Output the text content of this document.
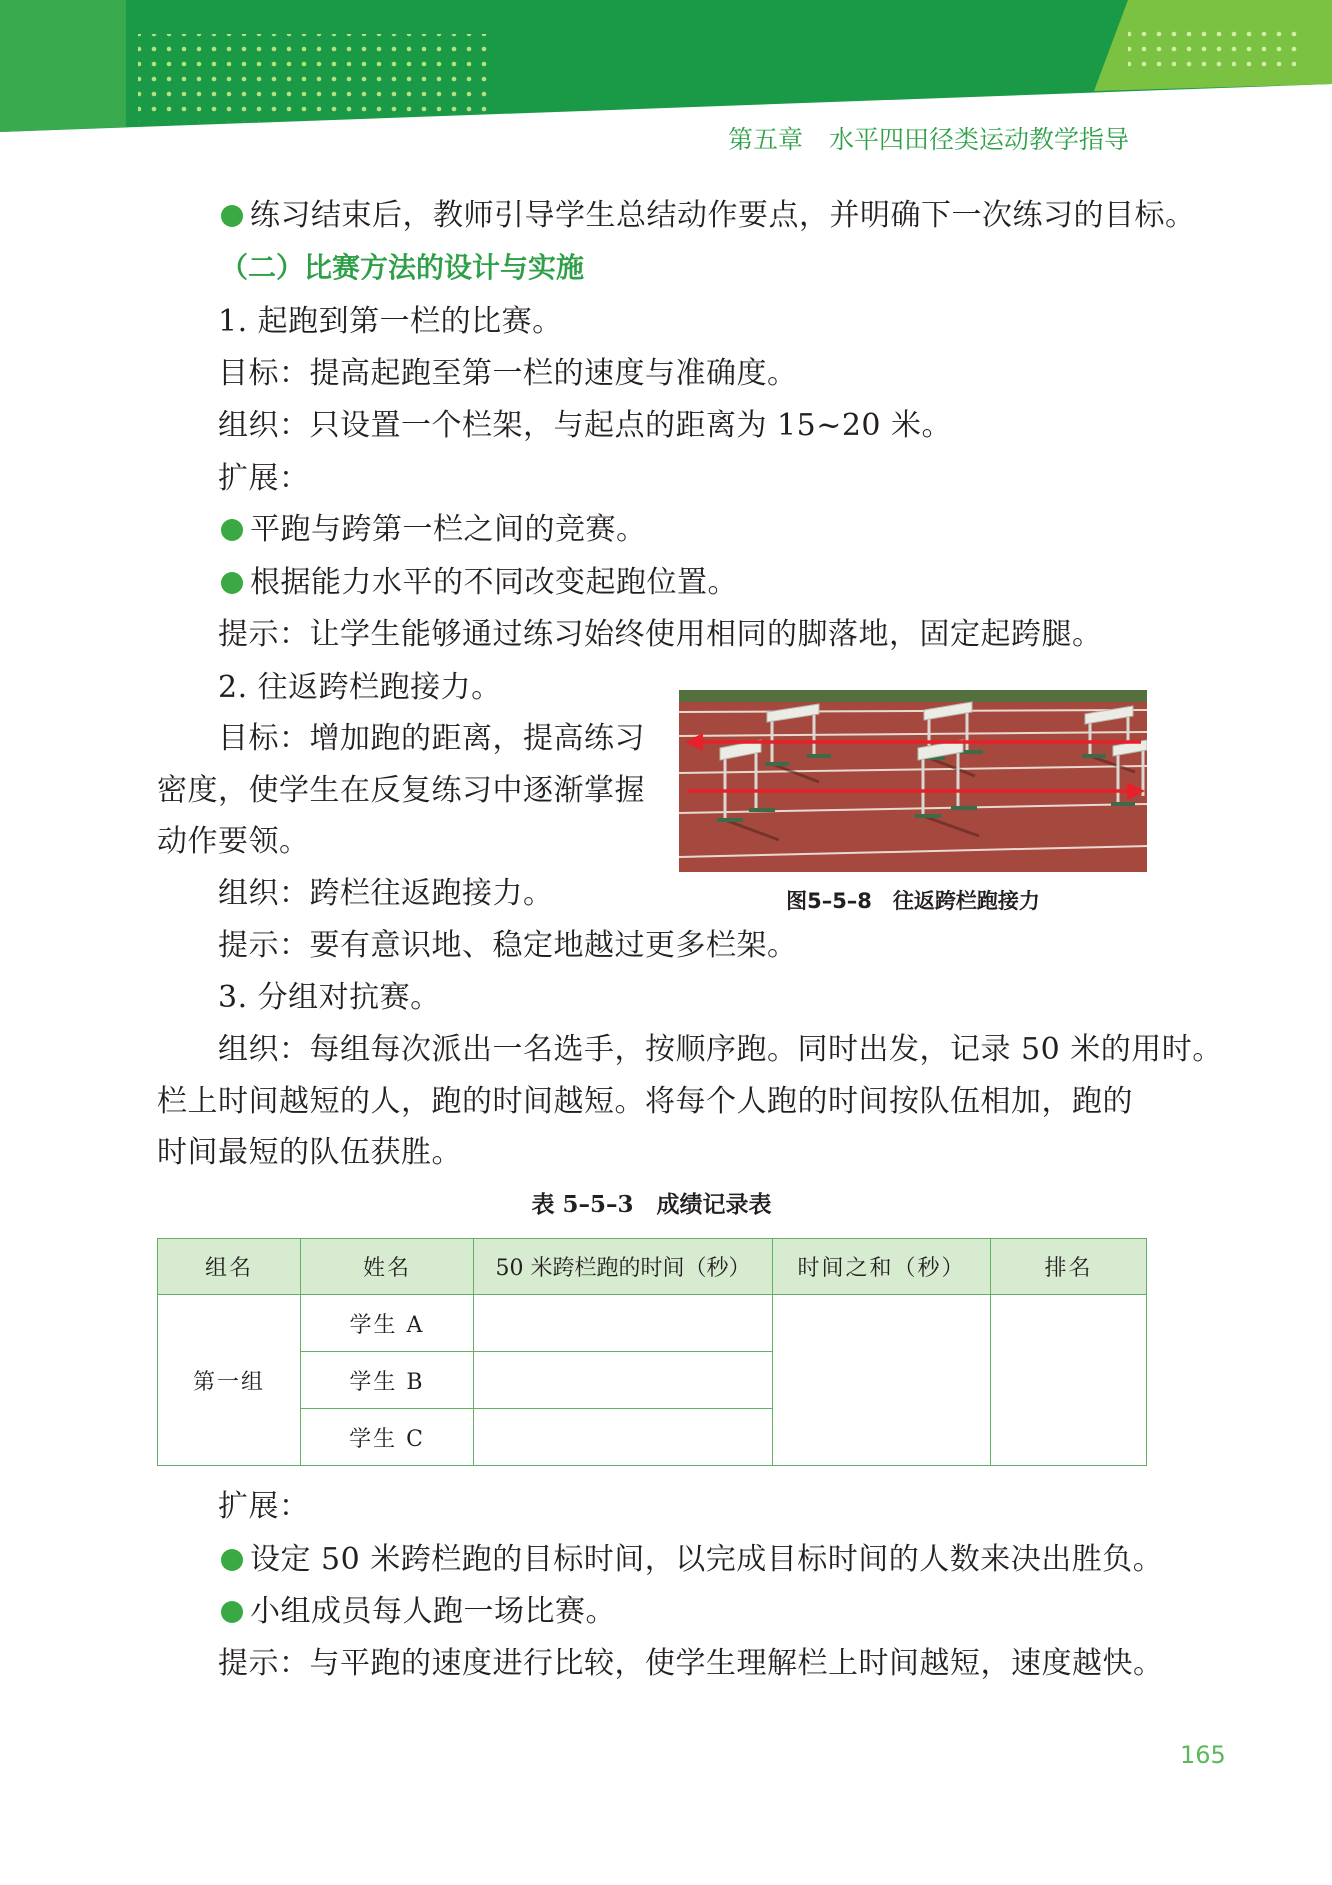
第五章 水平四田径类运动教学指导
练习结束后，教师引导学生总结动作要点，并明确下一次练习的目标。
（二）比赛方法的设计与实施
1. 起跑到第一栏的比赛。
目标：提高起跑至第一栏的速度与准确度。
组织：只设置一个栏架，与起点的距离为 15~20 米。
扩展：
平跑与跨第一栏之间的竞赛。
根据能力水平的不同改变起跑位置。
提示：让学生能够通过练习始终使用相同的脚落地，固定起跨腿。
2. 往返跨栏跑接力。
目标：增加跑的距离，提高练习
密度，使学生在反复练习中逐渐掌握
动作要领。
组织：跨栏往返跑接力。
提示：要有意识地、稳定地越过更多栏架。
图5–5–8　往返跨栏跑接力
3. 分组对抗赛。
组织：每组每次派出一名选手，按顺序跑。同时出发，记录 50 米的用时。
栏上时间越短的人，跑的时间越短。将每个人跑的时间按队伍相加，跑的
时间最短的队伍获胜。
表 5–5–3　成绩记录表
组名	姓名	50 米跨栏跑的时间（秒）	时间之和（秒）	排名
第一组	学生 A			
	学生 B			
	学生 C			
扩展：
设定 50 米跨栏跑的目标时间，以完成目标时间的人数来决出胜负。
小组成员每人跑一场比赛。
提示：与平跑的速度进行比较，使学生理解栏上时间越短，速度越快。
165
